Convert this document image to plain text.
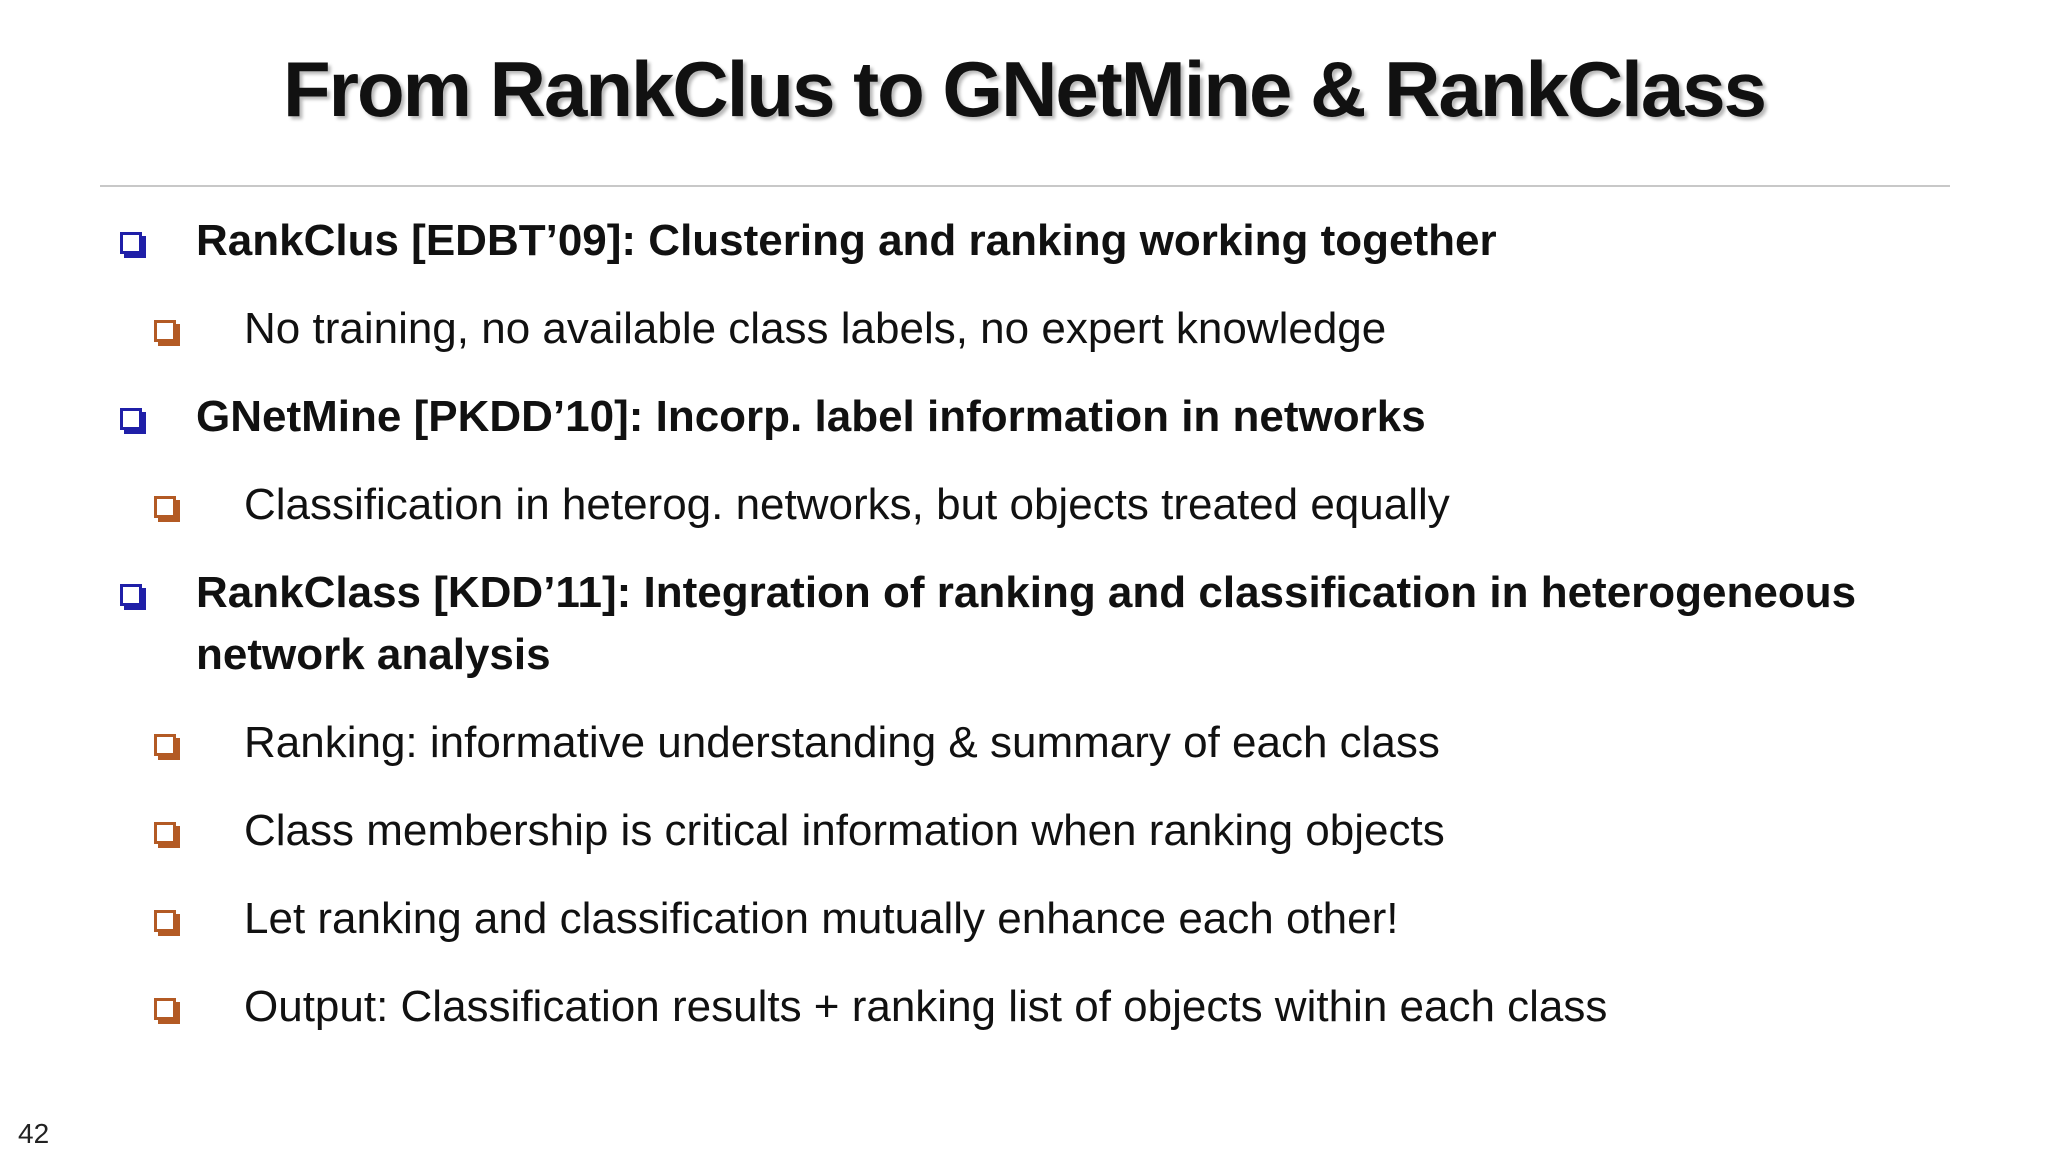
From RankClus to GNetMine & RankClass
RankClus [EDBT’09]: Clustering and ranking working together
No training, no available class labels, no expert knowledge
GNetMine [PKDD’10]: Incorp. label information in networks
Classification in heterog. networks, but objects treated equally
RankClass [KDD’11]: Integration of ranking and classification in heterogeneous network analysis
Ranking: informative understanding & summary of each class
Class membership is critical information when ranking objects
Let ranking and classification mutually enhance each other!
Output: Classification results + ranking list of objects within each class
42
